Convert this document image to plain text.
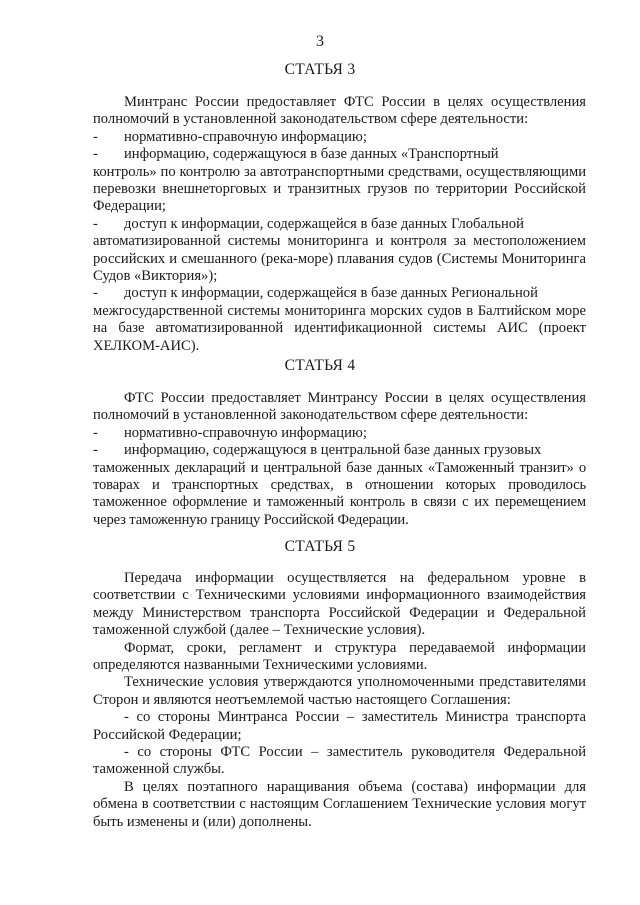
3
СТАТЬЯ 3

Минтранс России предоставляет ФТС России в целях осуществления полномочий в установленной законодательством сфере деятельности:

-	нормативно-справочную информацию;
-	информацию, содержащуюся в базе данных «Транспортный

контроль» по контролю за автотранспортными средствами, осуществляющими перевозки внешнеторговых и транзитных грузов по территории Российской Федерации;

-	доступ к информации, содержащейся в базе данных Глобальной

автоматизированной системы мониторинга и контроля за местоположением российских и смешанного (река-море) плавания судов (Системы Мониторинга Судов «Виктория»);

-	доступ к информации, содержащейся в базе данных Региональной

межгосударственной системы мониторинга морских судов в Балтийском море на базе автоматизированной идентификационной системы АИС (проект ХЕЛКОМ-АИС).

СТАТЬЯ 4

ФТС России предоставляет Минтрансу России в целях осуществления полномочий в установленной законодательством сфере деятельности:

-	нормативно-справочную информацию;
-	информацию, содержащуюся в центральной базе данных грузовых

таможенных деклараций и центральной базе данных «Таможенный транзит» о товарах и транспортных средствах, в отношении которых проводилось таможенное оформление и таможенный контроль в связи с их перемещением через таможенную границу Российской Федерации.

СТАТЬЯ 5

Передача информации осуществляется на федеральном уровне в соответствии с Техническими условиями информационного взаимодействия между Министерством транспорта Российской Федерации и Федеральной таможенной службой (далее – Технические условия).

Формат, сроки, регламент и структура передаваемой информации определяются названными Техническими условиями.

Технические условия утверждаются уполномоченными представителями Сторон и являются неотъемлемой частью настоящего Соглашения:

- со стороны Минтранса России – заместитель Министра транспорта Российской Федерации;

- со стороны ФТС России – заместитель руководителя Федеральной таможенной службы.

В целях поэтапного наращивания объема (состава) информации для обмена в соответствии с настоящим Соглашением Технические условия могут быть изменены и (или) дополнены.
